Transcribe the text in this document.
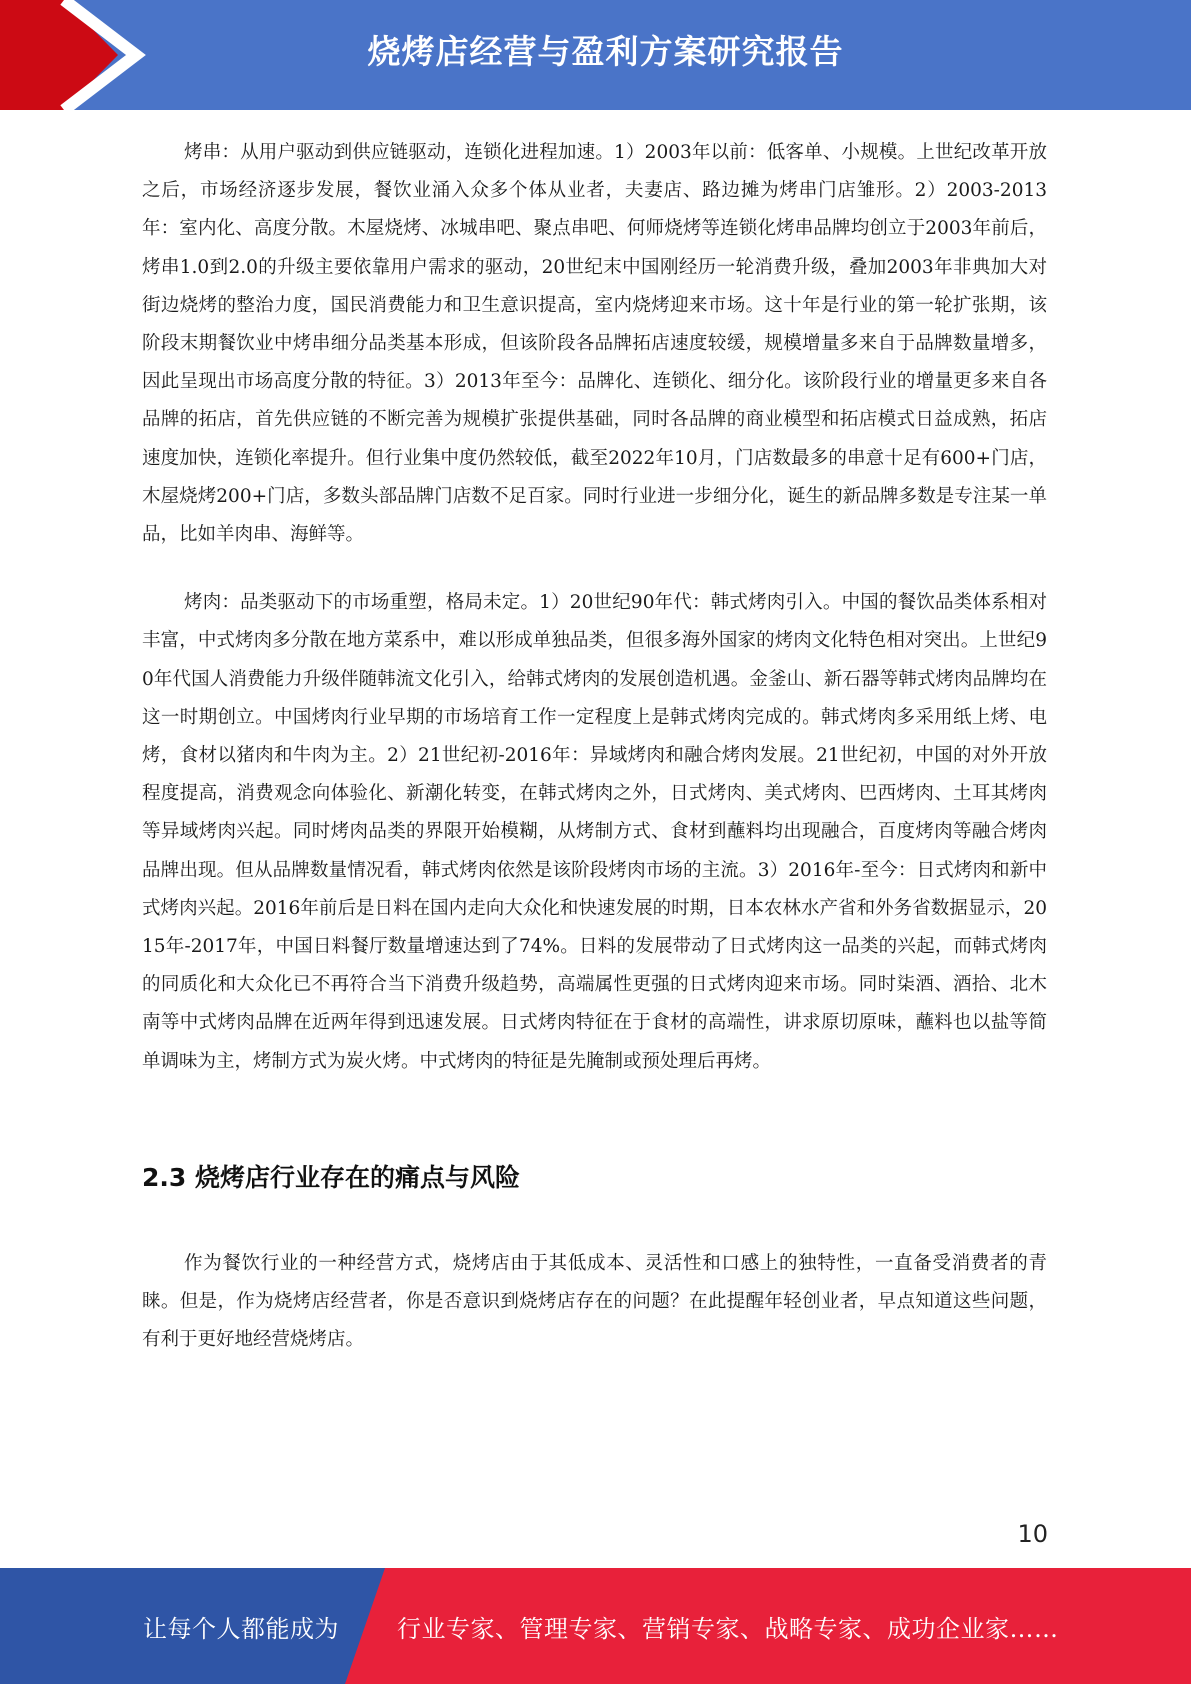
烧烤店经营与盈利方案研究报告

烤串：从用户驱动到供应链驱动，连锁化进程加速。1）2003年以前：低客单、小规模。上世纪改革开放之后，市场经济逐步发展，餐饮业涌入众多个体从业者，夫妻店、路边摊为烤串门店雏形。2）2003-2013年：室内化、高度分散。木屋烧烤、冰城串吧、聚点串吧、何师烧烤等连锁化烤串品牌均创立于2003年前后，烤串1.0到2.0的升级主要依靠用户需求的驱动，20世纪末中国刚经历一轮消费升级，叠加2003年非典加大对街边烧烤的整治力度，国民消费能力和卫生意识提高，室内烧烤迎来市场。这十年是行业的第一轮扩张期，该阶段末期餐饮业中烤串细分品类基本形成，但该阶段各品牌拓店速度较缓，规模增量多来自于品牌数量增多，因此呈现出市场高度分散的特征。3）2013年至今：品牌化、连锁化、细分化。该阶段行业的增量更多来自各品牌的拓店，首先供应链的不断完善为规模扩张提供基础，同时各品牌的商业模型和拓店模式日益成熟，拓店速度加快，连锁化率提升。但行业集中度仍然较低，截至2022年10月，门店数最多的串意十足有600+门店，木屋烧烤200+门店，多数头部品牌门店数不足百家。同时行业进一步细分化，诞生的新品牌多数是专注某一单品，比如羊肉串、海鲜等。

烤肉：品类驱动下的市场重塑，格局未定。1）20世纪90年代：韩式烤肉引入。中国的餐饮品类体系相对丰富，中式烤肉多分散在地方菜系中，难以形成单独品类，但很多海外国家的烤肉文化特色相对突出。上世纪90年代国人消费能力升级伴随韩流文化引入，给韩式烤肉的发展创造机遇。金釜山、新石器等韩式烤肉品牌均在这一时期创立。中国烤肉行业早期的市场培育工作一定程度上是韩式烤肉完成的。韩式烤肉多采用纸上烤、电烤，食材以猪肉和牛肉为主。2）21世纪初-2016年：异域烤肉和融合烤肉发展。21世纪初，中国的对外开放程度提高，消费观念向体验化、新潮化转变，在韩式烤肉之外，日式烤肉、美式烤肉、巴西烤肉、土耳其烤肉等异域烤肉兴起。同时烤肉品类的界限开始模糊，从烤制方式、食材到蘸料均出现融合，百度烤肉等融合烤肉品牌出现。但从品牌数量情况看，韩式烤肉依然是该阶段烤肉市场的主流。3）2016年-至今：日式烤肉和新中式烤肉兴起。2016年前后是日料在国内走向大众化和快速发展的时期，日本农林水产省和外务省数据显示，2015年-2017年，中国日料餐厅数量增速达到了74%。日料的发展带动了日式烤肉这一品类的兴起，而韩式烤肉的同质化和大众化已不再符合当下消费升级趋势，高端属性更强的日式烤肉迎来市场。同时柒酒、酒拾、北木南等中式烤肉品牌在近两年得到迅速发展。日式烤肉特征在于食材的高端性，讲求原切原味，蘸料也以盐等简单调味为主，烤制方式为炭火烤。中式烤肉的特征是先腌制或预处理后再烤。

2.3 烧烤店行业存在的痛点与风险

作为餐饮行业的一种经营方式，烧烤店由于其低成本、灵活性和口感上的独特性，一直备受消费者的青睐。但是，作为烧烤店经营者，你是否意识到烧烤店存在的问题？在此提醒年轻创业者，早点知道这些问题，有利于更好地经营烧烤店。

10
让每个人都能成为 行业专家、管理专家、营销专家、战略专家、成功企业家……
